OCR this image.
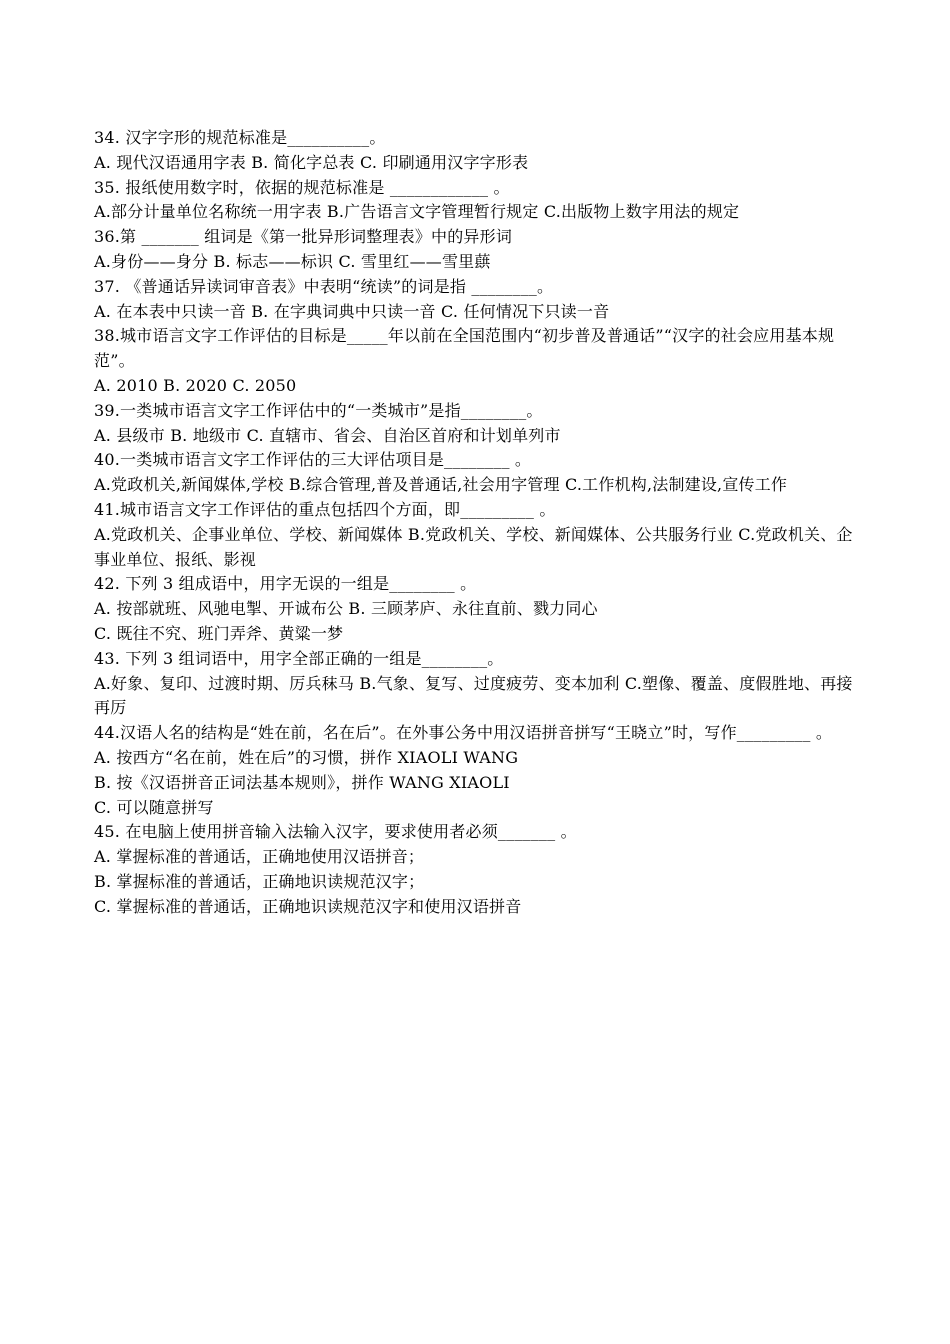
34. 汉字字形的规范标准是__________。

A. 现代汉语通用字表 B. 简化字总表 C. 印刷通用汉字字形表

35. 报纸使用数字时，依据的规范标准是 ____________ 。

A.部分计量单位名称统一用字表 B.广告语言文字管理暂行规定 C.出版物上数字用法的规定

36.第 _______ 组词是《第一批异形词整理表》中的异形词

A.身份——身分 B. 标志——标识 C. 雪里红——雪里蕻

37. 《普通话异读词审音表》中表明“统读”的词是指 ________。

A. 在本表中只读一音 B. 在字典词典中只读一音 C. 任何情况下只读一音

38.城市语言文字工作评估的目标是_____年以前在全国范围内“初步普及普通话”“汉字的社会应用基本规范”。

A. 2010 B. 2020 C. 2050

39.一类城市语言文字工作评估中的“一类城市”是指________。

A. 县级市 B. 地级市 C. 直辖市、省会、自治区首府和计划单列市

40.一类城市语言文字工作评估的三大评估项目是________ 。

A.党政机关,新闻媒体,学校 B.综合管理,普及普通话,社会用字管理 C.工作机构,法制建设,宣传工作

41.城市语言文字工作评估的重点包括四个方面，即_________ 。

A.党政机关、企事业单位、学校、新闻媒体 B.党政机关、学校、新闻媒体、公共服务行业 C.党政机关、企事业单位、报纸、影视

42. 下列 3 组成语中，用字无误的一组是________ 。

A. 按部就班、风驰电掣、开诚布公 B. 三顾茅庐、永往直前、戮力同心

C. 既往不究、班门弄斧、黄粱一梦

43. 下列 3 组词语中，用字全部正确的一组是________。

A.好象、复印、过渡时期、厉兵秣马 B.气象、复写、过度疲劳、变本加利 C.塑像、覆盖、度假胜地、再接再厉

44.汉语人名的结构是“姓在前，名在后”。在外事公务中用汉语拼音拼写“王晓立”时，写作_________ 。

A. 按西方“名在前，姓在后”的习惯，拼作 XIAOLI WANG

B. 按《汉语拼音正词法基本规则》，拼作 WANG XIAOLI

C. 可以随意拼写

45. 在电脑上使用拼音输入法输入汉字，要求使用者必须_______ 。

A. 掌握标准的普通话，正确地使用汉语拼音；

B. 掌握标准的普通话，正确地识读规范汉字；

C. 掌握标准的普通话，正确地识读规范汉字和使用汉语拼音
